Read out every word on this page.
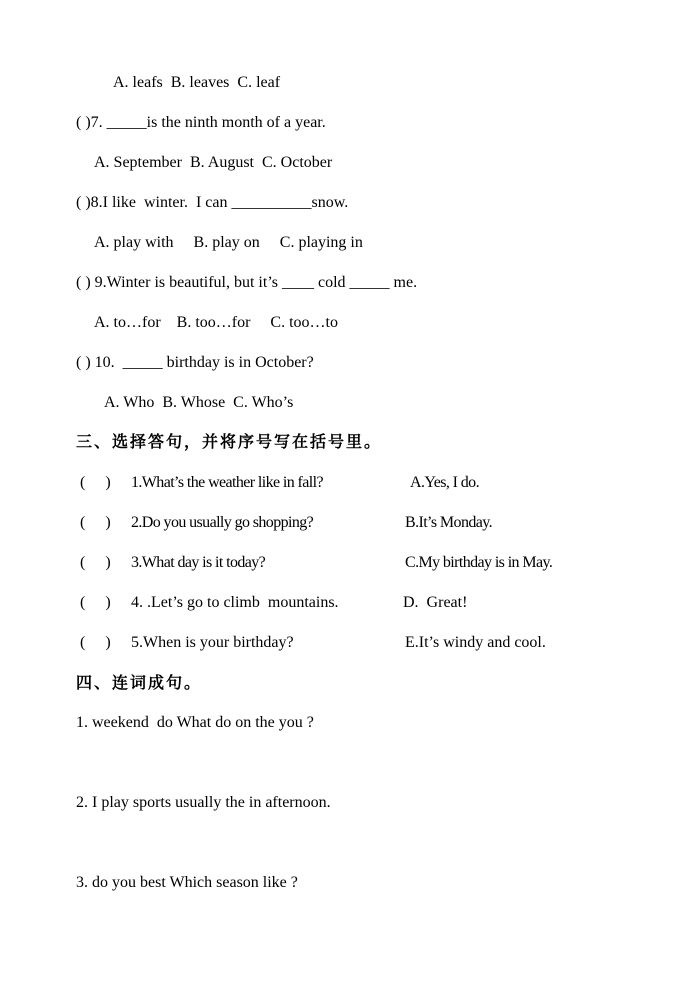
A. leafs  B. leaves  C. leaf
( )7. _____is the ninth month of a year.
A. September  B. August  C. October
( )8.I like  winter.  I can __________snow.
A. play with     B. play on     C. playing in
( ) 9.Winter is beautiful, but it’s ____ cold _____ me.
A. to…for    B. too…for     C. too…to
( ) 10.  _____ birthday is in October?
A. Who  B. Whose  C. Who’s
三、选择答句，并将序号写在括号里。
(     ) 1.What’s the weather like in fall?	A.Yes, I do.
(     ) 2.Do you usually go shopping?	B.It’s Monday.
(     ) 3.What day is it today?	C.My birthday is in May.
(     ) 4. .Let’s go to climb  mountains.	D.  Great!
(     ) 5.When is your birthday?	E.It’s windy and cool.
四、连词成句。
1. weekend  do What do on the you ?
2. I play sports usually the in afternoon.
3. do you best Which season like ?
